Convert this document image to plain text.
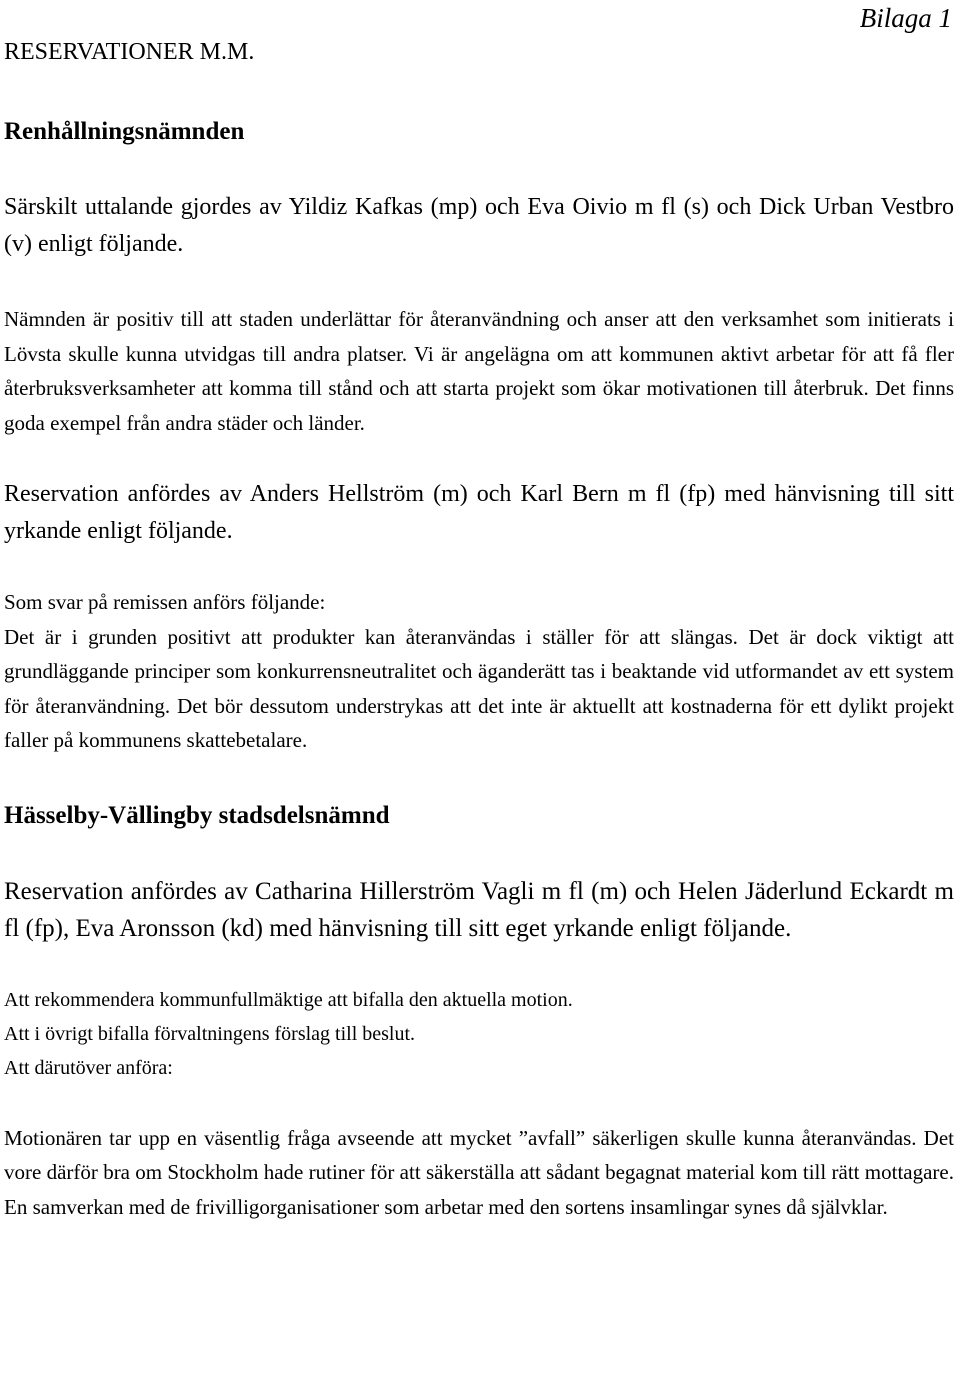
Bilaga 1
RESERVATIONER M.M.
Renhållningsnämnden

Särskilt uttalande gjordes av Yildiz Kafkas (mp) och Eva Oivio m fl (s) och Dick Urban Vestbro (v) enligt följande.

Nämnden är positiv till att staden underlättar för återanvändning och anser att den verksamhet som initierats i Lövsta skulle kunna utvidgas till andra platser. Vi är angelägna om att kommunen aktivt arbetar för att få fler återbruksverksamheter att komma till stånd och att starta projekt som ökar motivationen till återbruk. Det finns goda exempel från andra städer och länder.

Reservation anfördes av Anders Hellström (m) och Karl Bern m fl (fp) med hänvisning till sitt yrkande enligt följande.

Som svar på remissen anförs följande:

Det är i grunden positivt att produkter kan återanvändas i ställer för att slängas. Det är dock viktigt att grundläggande principer som konkurrensneutralitet och äganderätt tas i beaktande vid utformandet av ett system för återanvändning. Det bör dessutom understrykas att det inte är aktuellt att kostnaderna för ett dylikt projekt faller på kommunens skattebetalare.

Hässelby-Vällingby stadsdelsnämnd

Reservation anfördes av Catharina Hillerström Vagli m fl (m) och Helen Jäderlund Eckardt m fl (fp), Eva Aronsson (kd) med hänvisning till sitt eget yrkande enligt följande.

Att rekommendera kommunfullmäktige att bifalla den aktuella motion.

Att i övrigt bifalla förvaltningens förslag till beslut.

Att därutöver anföra:

Motionären tar upp en väsentlig fråga avseende att mycket ”avfall” säkerligen skulle kunna återanvändas. Det vore därför bra om Stockholm hade rutiner för att säkerställa att sådant begagnat material kom till rätt mottagare. En samverkan med de frivilligorganisationer som arbetar med den sortens insamlingar synes då självklar.
